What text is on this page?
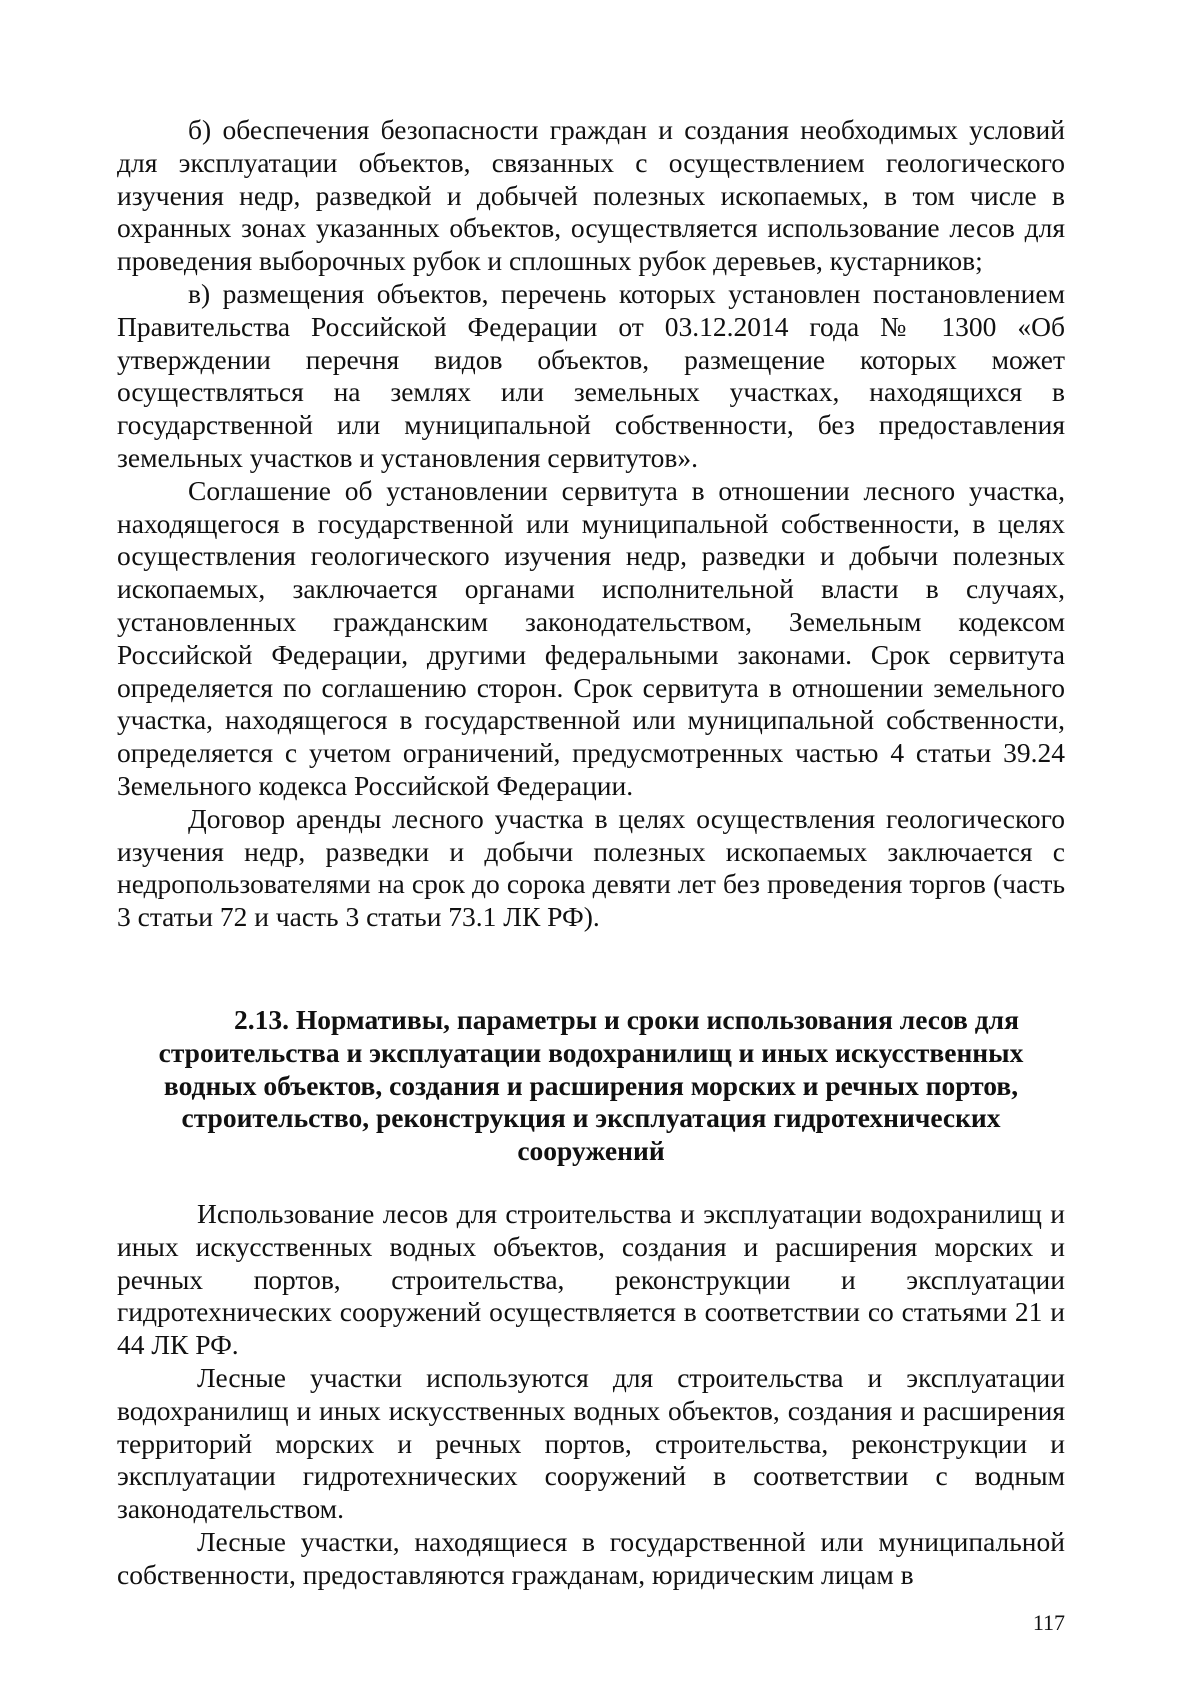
б) обеспечения безопасности граждан и создания необходимых условий для эксплуатации объектов, связанных с осуществлением геологического изучения недр, разведкой и добычей полезных ископаемых, в том числе в охранных зонах указанных объектов, осуществляется использование лесов для проведения выборочных рубок и сплошных рубок деревьев, кустарников;

в) размещения объектов, перечень которых установлен постановлением Правительства Российской Федерации от 03.12.2014 года № 1300 «Об утверждении перечня видов объектов, размещение которых может осуществляться на землях или земельных участках, находящихся в государственной или муниципальной собственности, без предоставления земельных участков и установления сервитутов».

Соглашение об установлении сервитута в отношении лесного участка, находящегося в государственной или муниципальной собственности, в целях осуществления геологического изучения недр, разведки и добычи полезных ископаемых, заключается органами исполнительной власти в случаях, установленных гражданским законодательством, Земельным кодексом Российской Федерации, другими федеральными законами. Срок сервитута определяется по соглашению сторон. Срок сервитута в отношении земельного участка, находящегося в государственной или муниципальной собственности, определяется с учетом ограничений, предусмотренных частью 4 статьи 39.24 Земельного кодекса Российской Федерации.

Договор аренды лесного участка в целях осуществления геологического изучения недр, разведки и добычи полезных ископаемых заключается с недропользователями на срок до сорока девяти лет без проведения торгов (часть 3 статьи 72 и часть 3 статьи 73.1 ЛК РФ).

2.13. Нормативы, параметры и сроки использования лесов для строительства и эксплуатации водохранилищ и иных искусственных водных объектов, создания и расширения морских и речных портов, строительство, реконструкция и эксплуатация гидротехнических сооружений

Использование лесов для строительства и эксплуатации водохранилищ и иных искусственных водных объектов, создания и расширения морских и речных портов, строительства, реконструкции и эксплуатации гидротехнических сооружений осуществляется в соответствии со статьями 21 и 44 ЛК РФ.

Лесные участки используются для строительства и эксплуатации водохранилищ и иных искусственных водных объектов, создания и расширения территорий морских и речных портов, строительства, реконструкции и эксплуатации гидротехнических сооружений в соответствии с водным законодательством.

Лесные участки, находящиеся в государственной или муниципальной собственности, предоставляются гражданам, юридическим лицам в

117
